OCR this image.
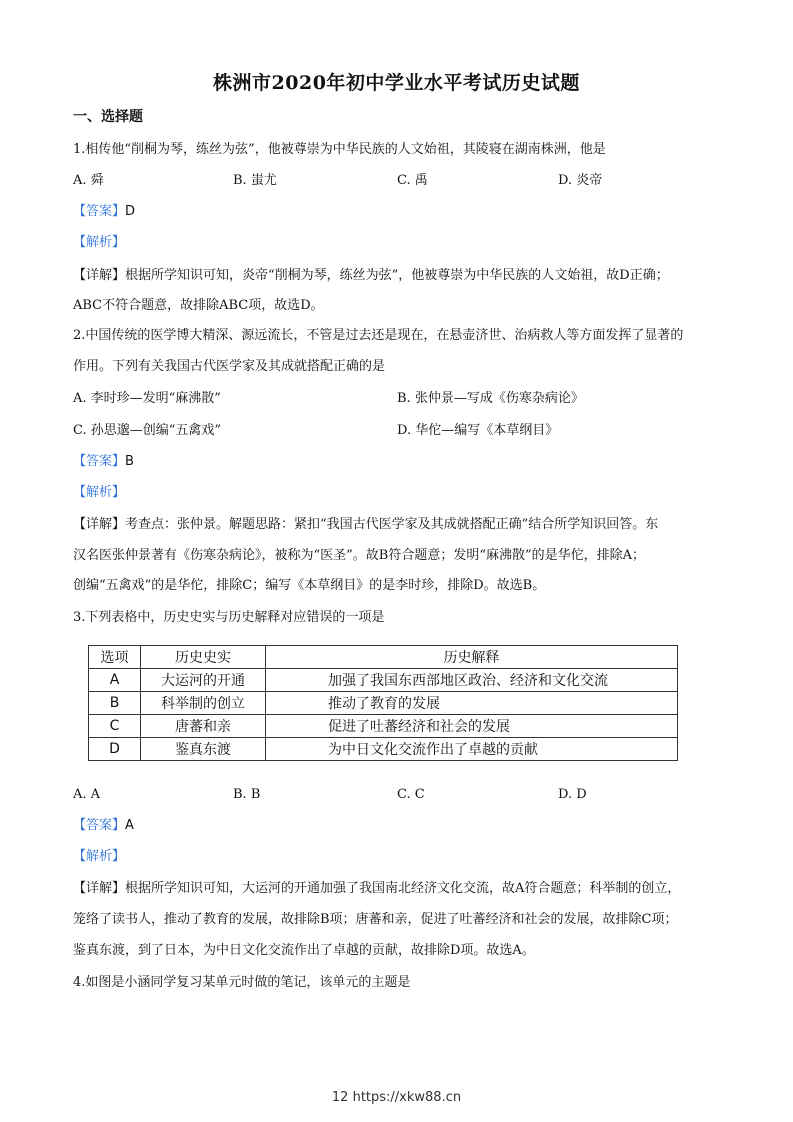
株洲市2020年初中学业水平考试历史试题
一、选择题
1.相传他“削桐为琴，练丝为弦”，他被尊崇为中华民族的人文始祖，其陵寝在湖南株洲，他是
A. 舜	B. 蚩尤	C. 禹	D. 炎帝
【答案】D
【解析】
【详解】根据所学知识可知，炎帝“削桐为琴，练丝为弦”，他被尊崇为中华民族的人文始祖，故D正确；
ABC不符合题意，故排除ABC项，故选D。
2.中国传统的医学博大精深、源远流长，不管是过去还是现在，在悬壶济世、治病救人等方面发挥了显著的
作用。下列有关我国古代医学家及其成就搭配正确的是
A. 李时珍—发明“麻沸散”	B. 张仲景—写成《伤寒杂病论》
C. 孙思邈—创编“五禽戏”	D. 华佗—编写《本草纲目》
【答案】B
【解析】
【详解】考查点：张仲景。解题思路：紧扣“我国古代医学家及其成就搭配正确”结合所学知识回答。东
汉名医张仲景著有《伤寒杂病论》，被称为“医圣”。故B符合题意；发明“麻沸散”的是华佗，排除A；
创编“五禽戏”的是华佗，排除C；编写《本草纲目》的是李时珍，排除D。故选B。
3.下列表格中，历史史实与历史解释对应错误的一项是
选项	历史史实	历史解释
A	大运河的开通	加强了我国东西部地区政治、经济和文化交流
B	科举制的创立	推动了教育的发展
C	唐蕃和亲	促进了吐蕃经济和社会的发展
D	鉴真东渡	为中日文化交流作出了卓越的贡献
A. A	B. B	C. C	D. D
【答案】A
【解析】
【详解】根据所学知识可知，大运河的开通加强了我国南北经济文化交流，故A符合题意；科举制的创立，
笼络了读书人，推动了教育的发展，故排除B项；唐蕃和亲，促进了吐蕃经济和社会的发展，故排除C项；
鉴真东渡，到了日本，为中日文化交流作出了卓越的贡献，故排除D项。故选A。
4.如图是小涵同学复习某单元时做的笔记，该单元的主题是
12 https://xkw88.cn
